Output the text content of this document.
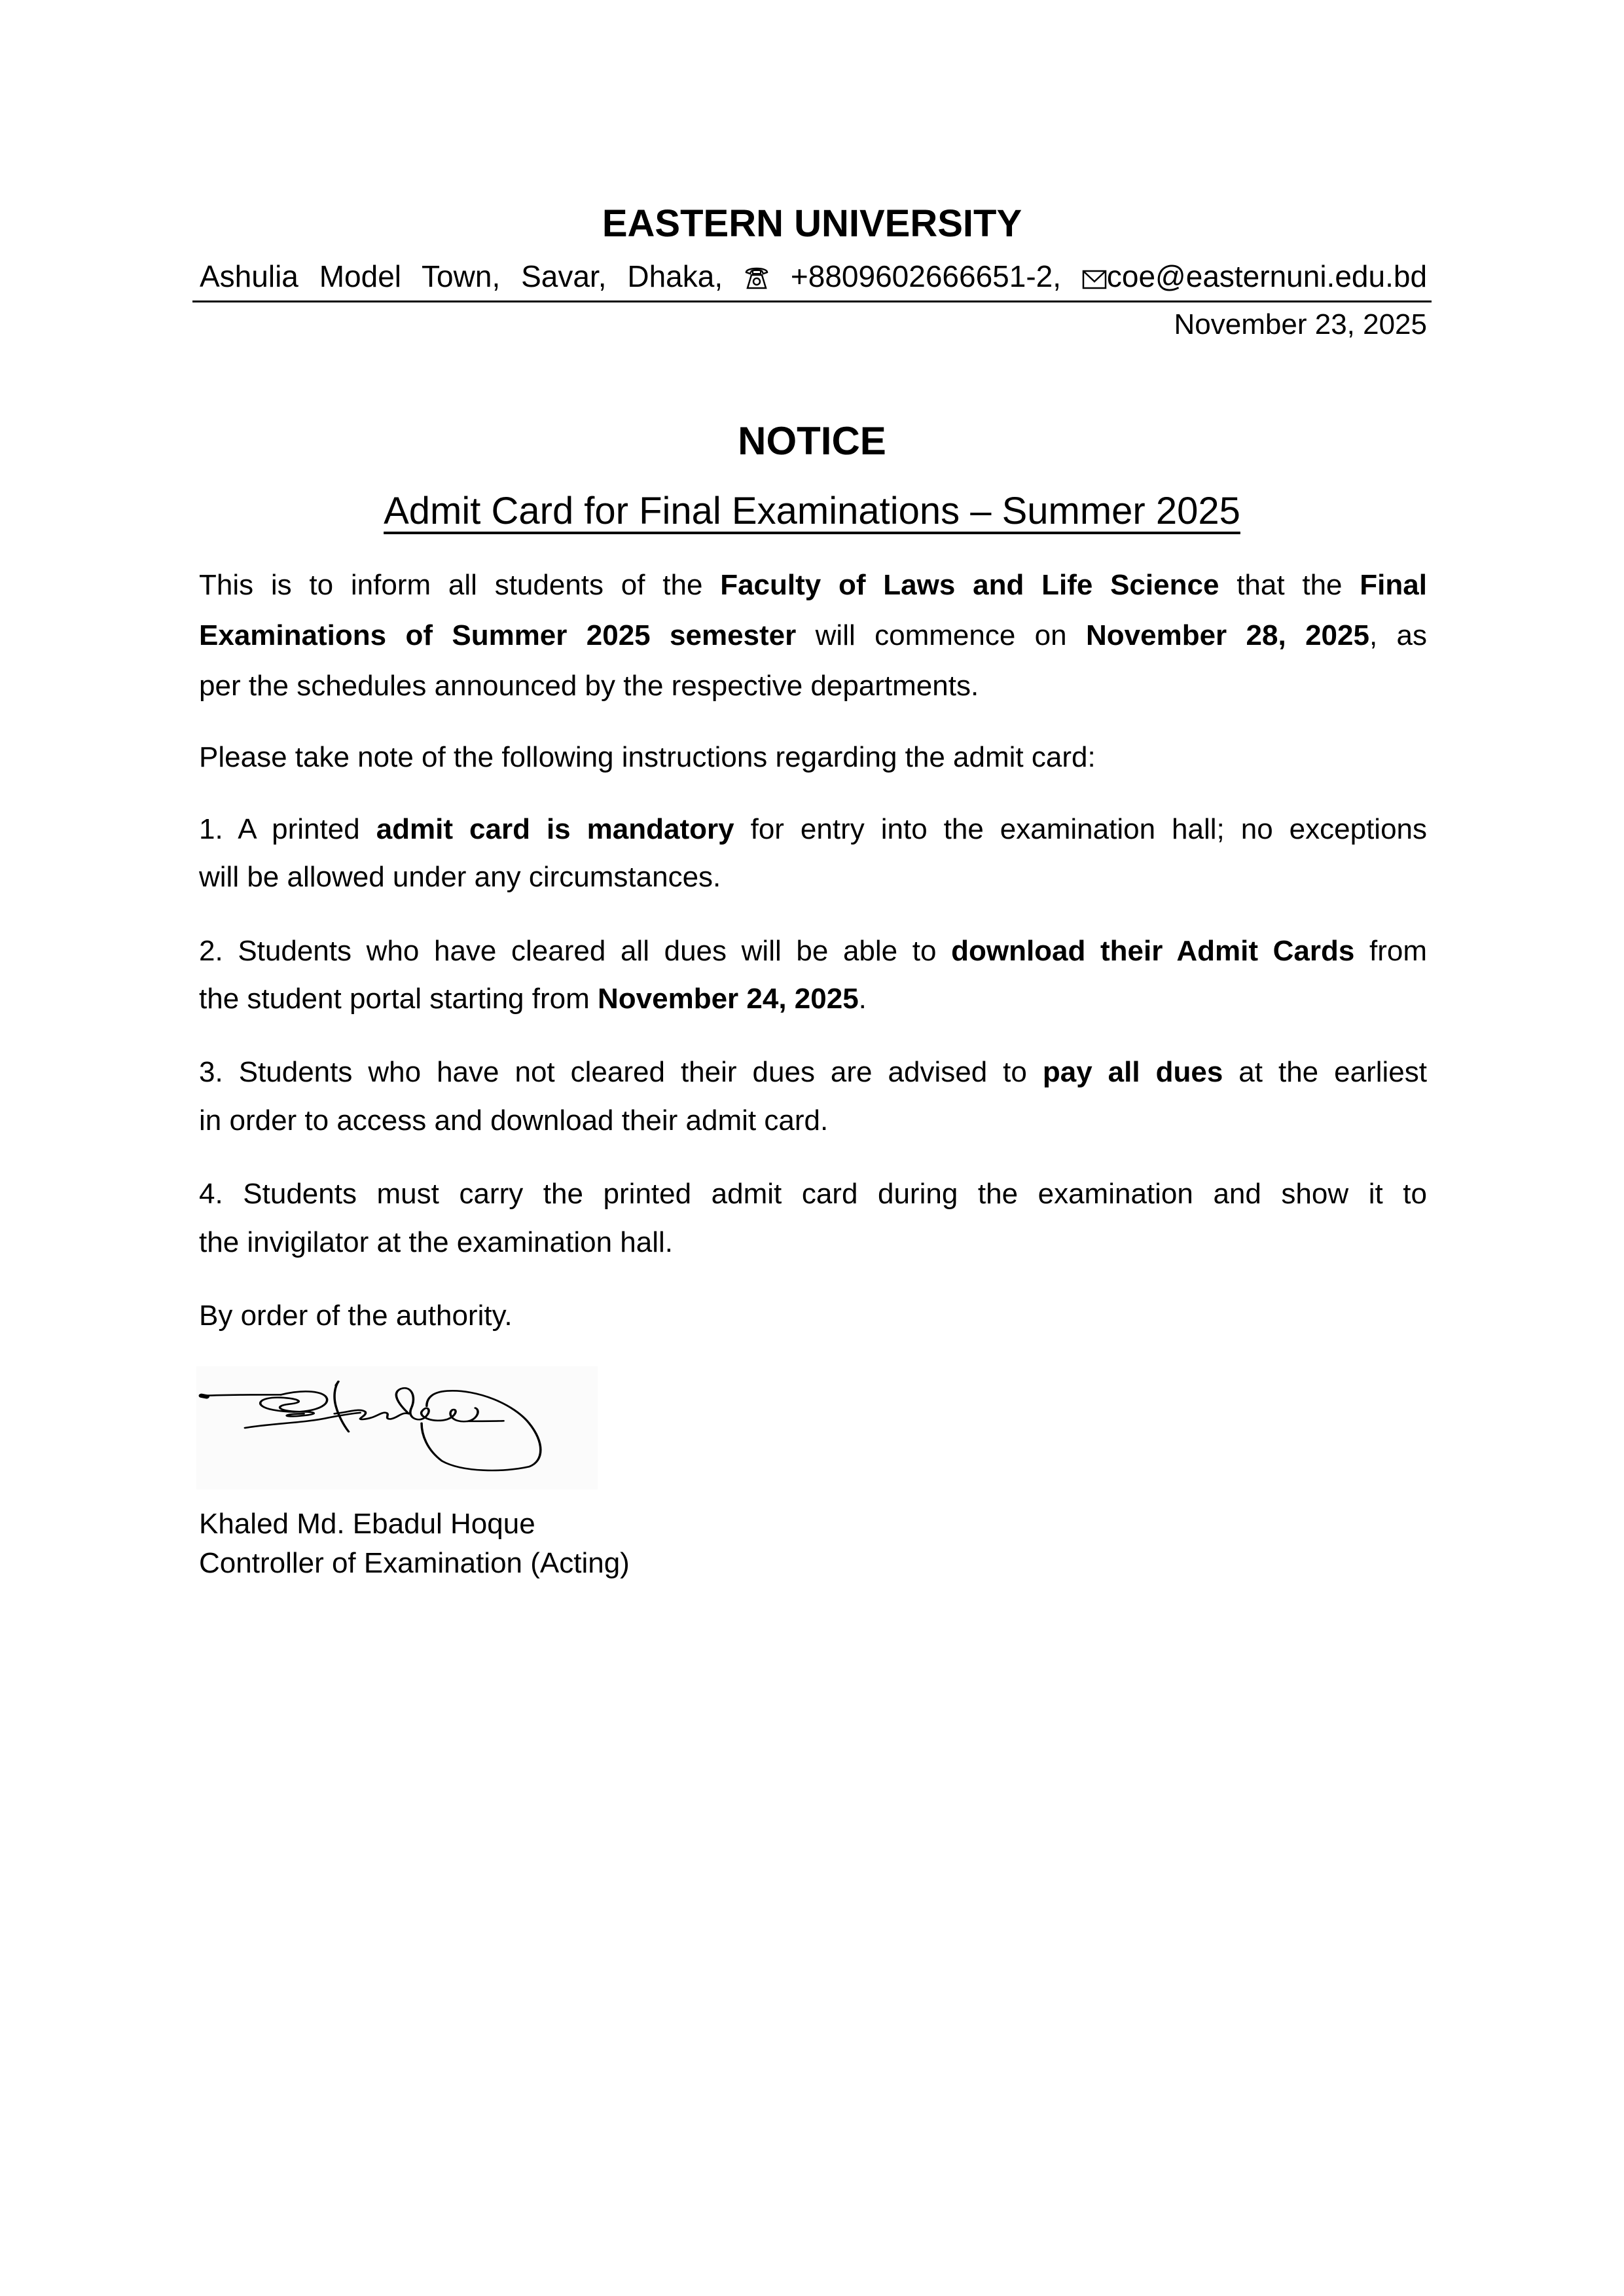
EASTERN UNIVERSITY
Ashulia Model Town, Savar, Dhaka, +8809602666651-2, coe@easternuni.edu.bd
November 23, 2025
NOTICE
Admit Card for Final Examinations – Summer 2025
This is to inform all students of the Faculty of Laws and Life Science that the Final
Examinations of Summer 2025 semester will commence on November 28, 2025, as
per the schedules announced by the respective departments.
Please take note of the following instructions regarding the admit card:
1. A printed admit card is mandatory for entry into the examination hall; no exceptions
will be allowed under any circumstances.
2. Students who have cleared all dues will be able to download their Admit Cards from
the student portal starting from November 24, 2025.
3. Students who have not cleared their dues are advised to pay all dues at the earliest
in order to access and download their admit card.
4. Students must carry the printed admit card during the examination and show it to
the invigilator at the examination hall.
By order of the authority.
Khaled Md. Ebadul Hoque
Controller of Examination (Acting)
